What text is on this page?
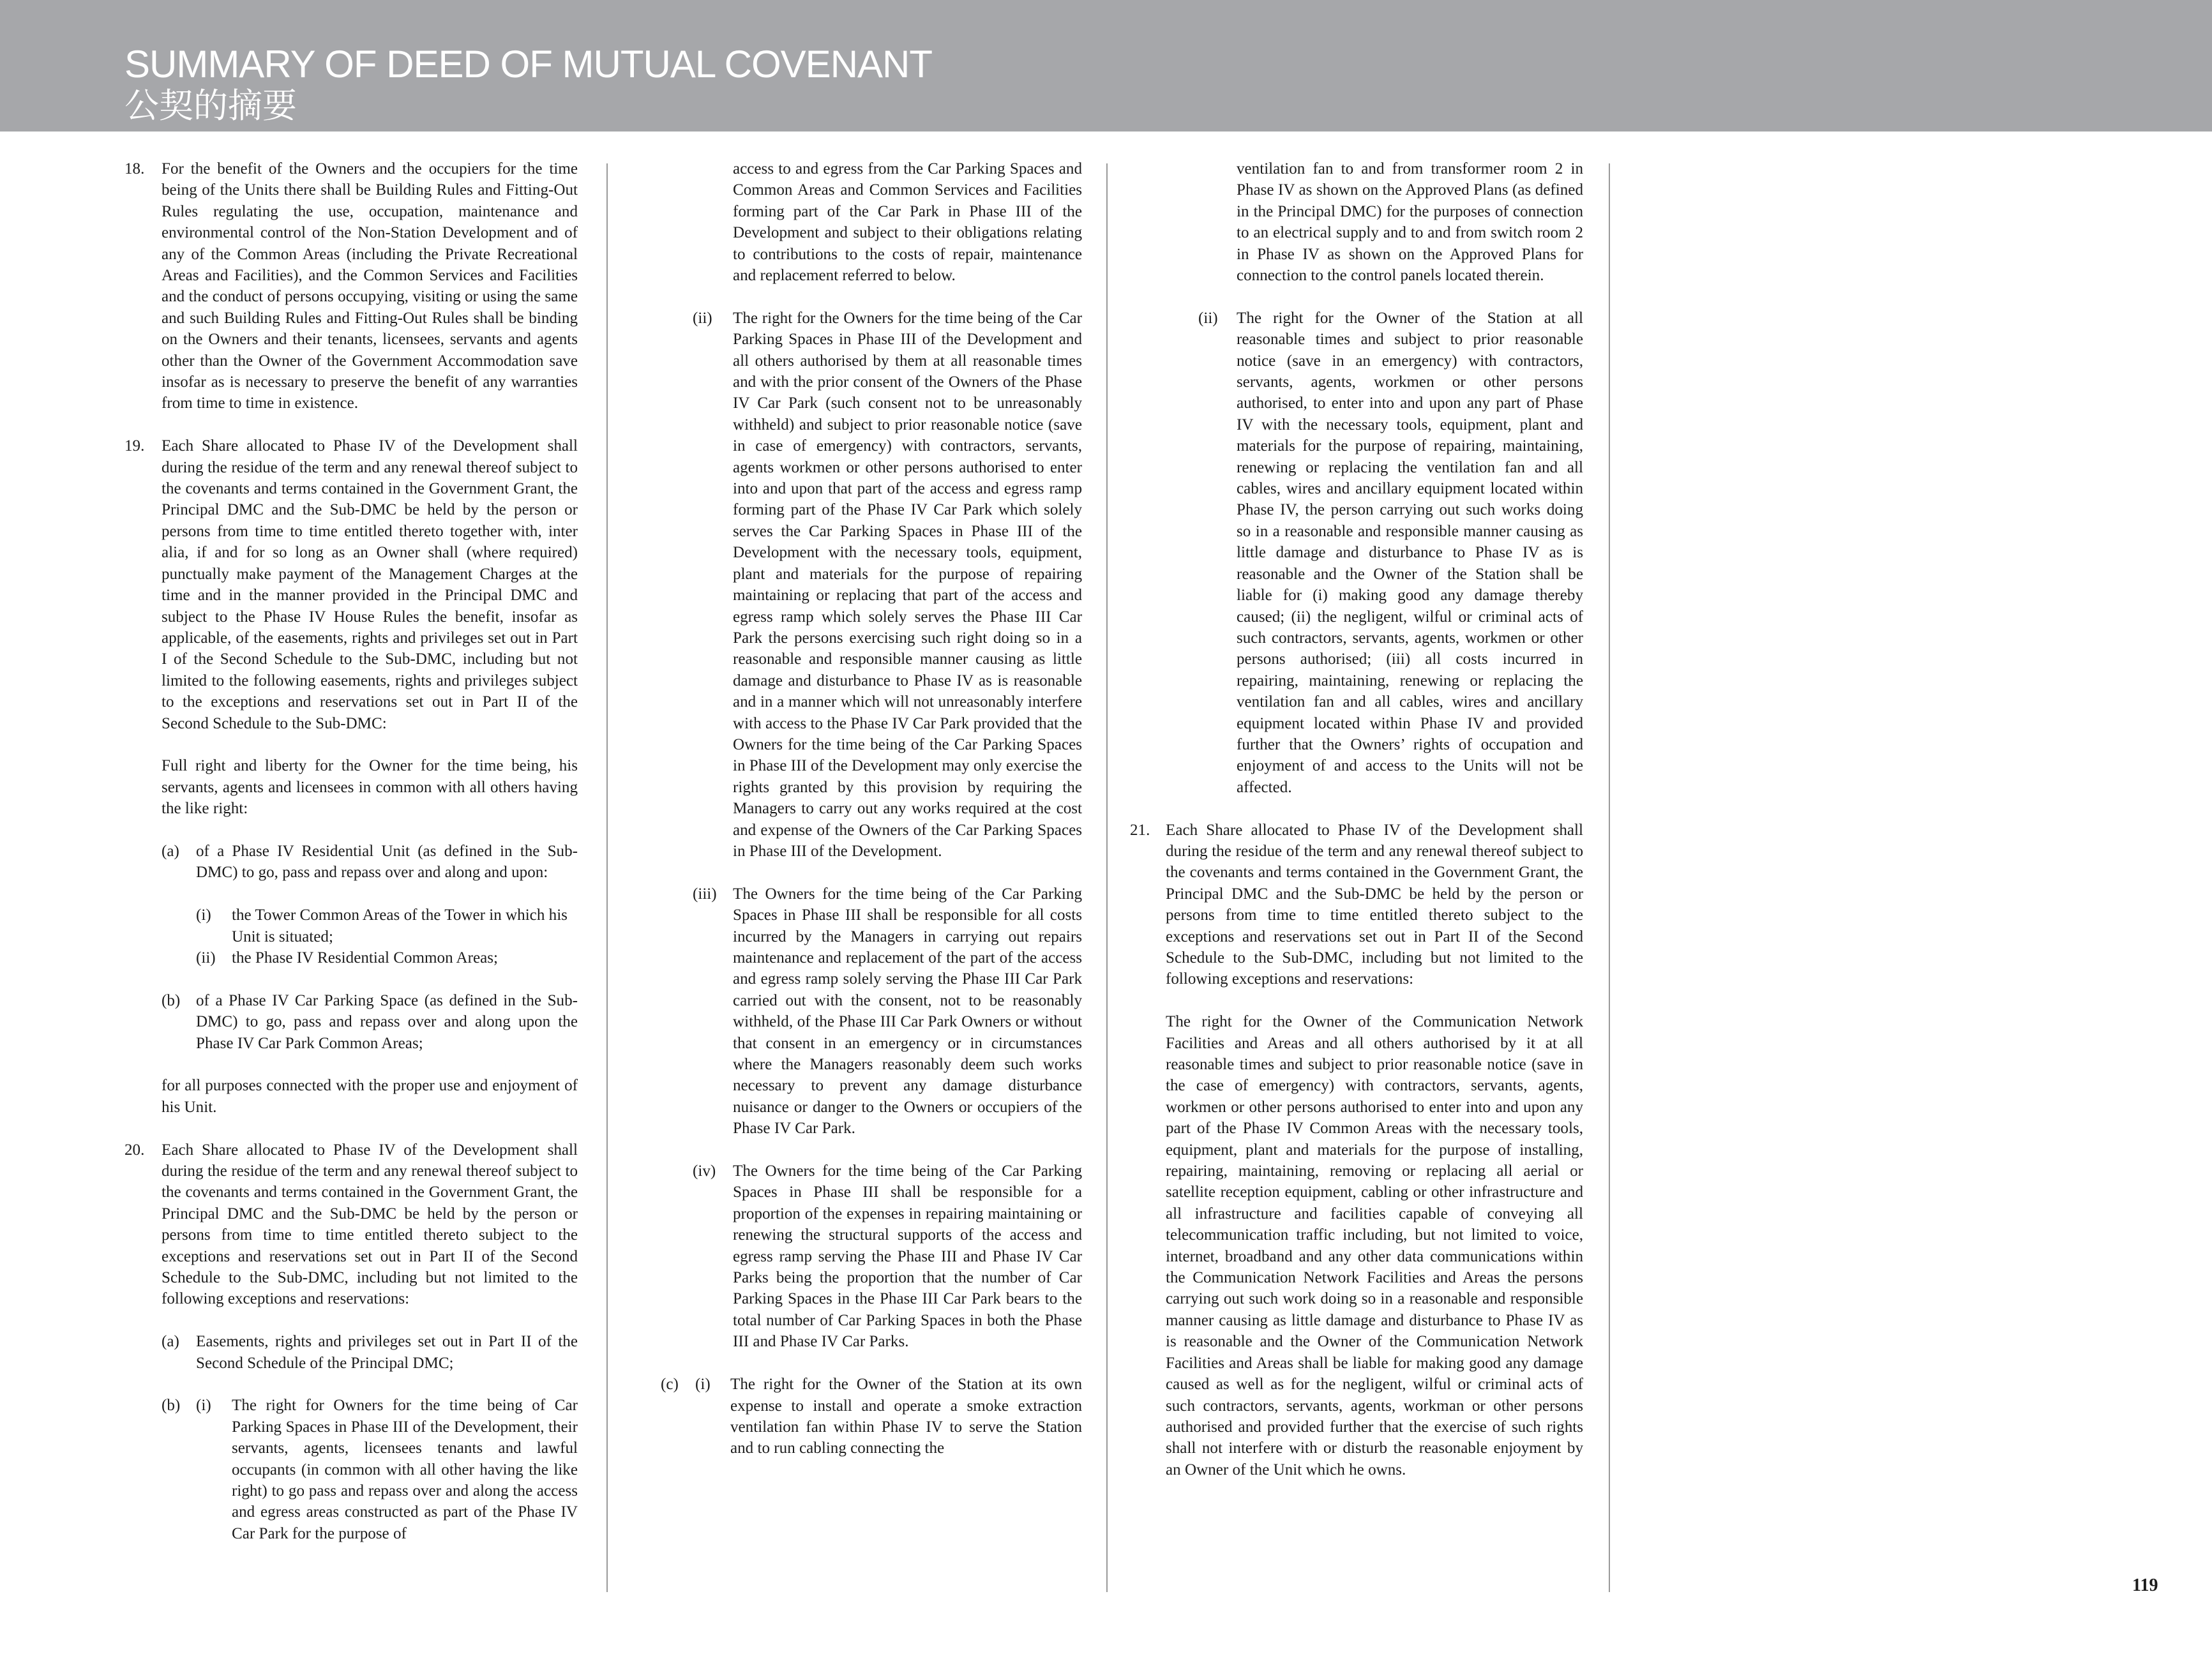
SUMMARY OF DEED OF MUTUAL COVENANT
公契的摘要
18. For the benefit of the Owners and the occupiers for the time being of the Units there shall be Building Rules and Fitting-Out Rules regulating the use, occupation, maintenance and environmental control of the Non-Station Development and of any of the Common Areas (including the Private Recreational Areas and Facilities), and the Common Services and Facilities and the conduct of persons occupying, visiting or using the same and such Building Rules and Fitting-Out Rules shall be binding on the Owners and their tenants, licensees, servants and agents other than the Owner of the Government Accommodation save insofar as is necessary to preserve the benefit of any warranties from time to time in existence.

19. Each Share allocated to Phase IV of the Development shall during the residue of the term and any renewal thereof subject to the covenants and terms contained in the Government Grant, the Principal DMC and the Sub-DMC be held by the person or persons from time to time entitled thereto together with, inter alia, if and for so long as an Owner shall (where required) punctually make payment of the Management Charges at the time and in the manner provided in the Principal DMC and subject to the Phase IV House Rules the benefit, insofar as applicable, of the easements, rights and privileges set out in Part I of the Second Schedule to the Sub-DMC, including but not limited to the following easements, rights and privileges subject to the exceptions and reservations set out in Part II of the Second Schedule to the Sub-DMC:

Full right and liberty for the Owner for the time being, his servants, agents and licensees in common with all others having the like right:

(a) of a Phase IV Residential Unit (as defined in the Sub-DMC) to go, pass and repass over and along and upon:

(i) the Tower Common Areas of the Tower in which his Unit is situated;

(ii) the Phase IV Residential Common Areas;

(b) of a Phase IV Car Parking Space (as defined in the Sub-DMC) to go, pass and repass over and along upon the Phase IV Car Park Common Areas;

for all purposes connected with the proper use and enjoyment of his Unit.

20. Each Share allocated to Phase IV of the Development shall during the residue of the term and any renewal thereof subject to the covenants and terms contained in the Government Grant, the Principal DMC and the Sub-DMC be held by the person or persons from time to time entitled thereto subject to the exceptions and reservations set out in Part II of the Second Schedule to the Sub-DMC, including but not limited to the following exceptions and reservations:

(a) Easements, rights and privileges set out in Part II of the Second Schedule of the Principal DMC;

(b) (i) The right for Owners for the time being of Car Parking Spaces in Phase III of the Development, their servants, agents, licensees tenants and lawful occupants (in common with all other having the like right) to go pass and repass over and along the access and egress areas constructed as part of the Phase IV Car Park for the purpose of

access to and egress from the Car Parking Spaces and Common Areas and Common Services and Facilities forming part of the Car Park in Phase III of the Development and subject to their obligations relating to contributions to the costs of repair, maintenance and replacement referred to below.

(ii) The right for the Owners for the time being of the Car Parking Spaces in Phase III of the Development and all others authorised by them at all reasonable times and with the prior consent of the Owners of the Phase IV Car Park (such consent not to be unreasonably withheld) and subject to prior reasonable notice (save in case of emergency) with contractors, servants, agents workmen or other persons authorised to enter into and upon that part of the access and egress ramp forming part of the Phase IV Car Park which solely serves the Car Parking Spaces in Phase III of the Development with the necessary tools, equipment, plant and materials for the purpose of repairing maintaining or replacing that part of the access and egress ramp which solely serves the Phase III Car Park the persons exercising such right doing so in a reasonable and responsible manner causing as little damage and disturbance to Phase IV as is reasonable and in a manner which will not unreasonably interfere with access to the Phase IV Car Park provided that the Owners for the time being of the Car Parking Spaces in Phase III of the Development may only exercise the rights granted by this provision by requiring the Managers to carry out any works required at the cost and expense of the Owners of the Car Parking Spaces in Phase III of the Development.

(iii) The Owners for the time being of the Car Parking Spaces in Phase III shall be responsible for all costs incurred by the Managers in carrying out repairs maintenance and replacement of the part of the access and egress ramp solely serving the Phase III Car Park carried out with the consent, not to be reasonably withheld, of the Phase III Car Park Owners or without that consent in an emergency or in circumstances where the Managers reasonably deem such works necessary to prevent any damage disturbance nuisance or danger to the Owners or occupiers of the Phase IV Car Park.

(iv) The Owners for the time being of the Car Parking Spaces in Phase III shall be responsible for a proportion of the expenses in repairing maintaining or renewing the structural supports of the access and egress ramp serving the Phase III and Phase IV Car Parks being the proportion that the number of Car Parking Spaces in the Phase III Car Park bears to the total number of Car Parking Spaces in both the Phase III and Phase IV Car Parks.

(c) (i) The right for the Owner of the Station at its own expense to install and operate a smoke extraction ventilation fan within Phase IV to serve the Station and to run cabling connecting the

ventilation fan to and from transformer room 2 in Phase IV as shown on the Approved Plans (as defined in the Principal DMC) for the purposes of connection to an electrical supply and to and from switch room 2 in Phase IV as shown on the Approved Plans for connection to the control panels located therein.

(ii) The right for the Owner of the Station at all reasonable times and subject to prior reasonable notice (save in an emergency) with contractors, servants, agents, workmen or other persons authorised, to enter into and upon any part of Phase IV with the necessary tools, equipment, plant and materials for the purpose of repairing, maintaining, renewing or replacing the ventilation fan and all cables, wires and ancillary equipment located within Phase IV, the person carrying out such works doing so in a reasonable and responsible manner causing as little damage and disturbance to Phase IV as is reasonable and the Owner of the Station shall be liable for (i) making good any damage thereby caused; (ii) the negligent, wilful or criminal acts of such contractors, servants, agents, workmen or other persons authorised; (iii) all costs incurred in repairing, maintaining, renewing or replacing the ventilation fan and all cables, wires and ancillary equipment located within Phase IV and provided further that the Owners’ rights of occupation and enjoyment of and access to the Units will not be affected.

21. Each Share allocated to Phase IV of the Development shall during the residue of the term and any renewal thereof subject to the covenants and terms contained in the Government Grant, the Principal DMC and the Sub-DMC be held by the person or persons from time to time entitled thereto subject to the exceptions and reservations set out in Part II of the Second Schedule to the Sub-DMC, including but not limited to the following exceptions and reservations:

The right for the Owner of the Communication Network Facilities and Areas and all others authorised by it at all reasonable times and subject to prior reasonable notice (save in the case of emergency) with contractors, servants, agents, workmen or other persons authorised to enter into and upon any part of the Phase IV Common Areas with the necessary tools, equipment, plant and materials for the purpose of installing, repairing, maintaining, removing or replacing all aerial or satellite reception equipment, cabling or other infrastructure and all infrastructure and facilities capable of conveying all telecommunication traffic including, but not limited to voice, internet, broadband and any other data communications within the Communication Network Facilities and Areas the persons carrying out such work doing so in a reasonable and responsible manner causing as little damage and disturbance to Phase IV as is reasonable and the Owner of the Communication Network Facilities and Areas shall be liable for making good any damage caused as well as for the negligent, wilful or criminal acts of such contractors, servants, agents, workman or other persons authorised and provided further that the exercise of such rights shall not interfere with or disturb the reasonable enjoyment by an Owner of the Unit which he owns.

119
